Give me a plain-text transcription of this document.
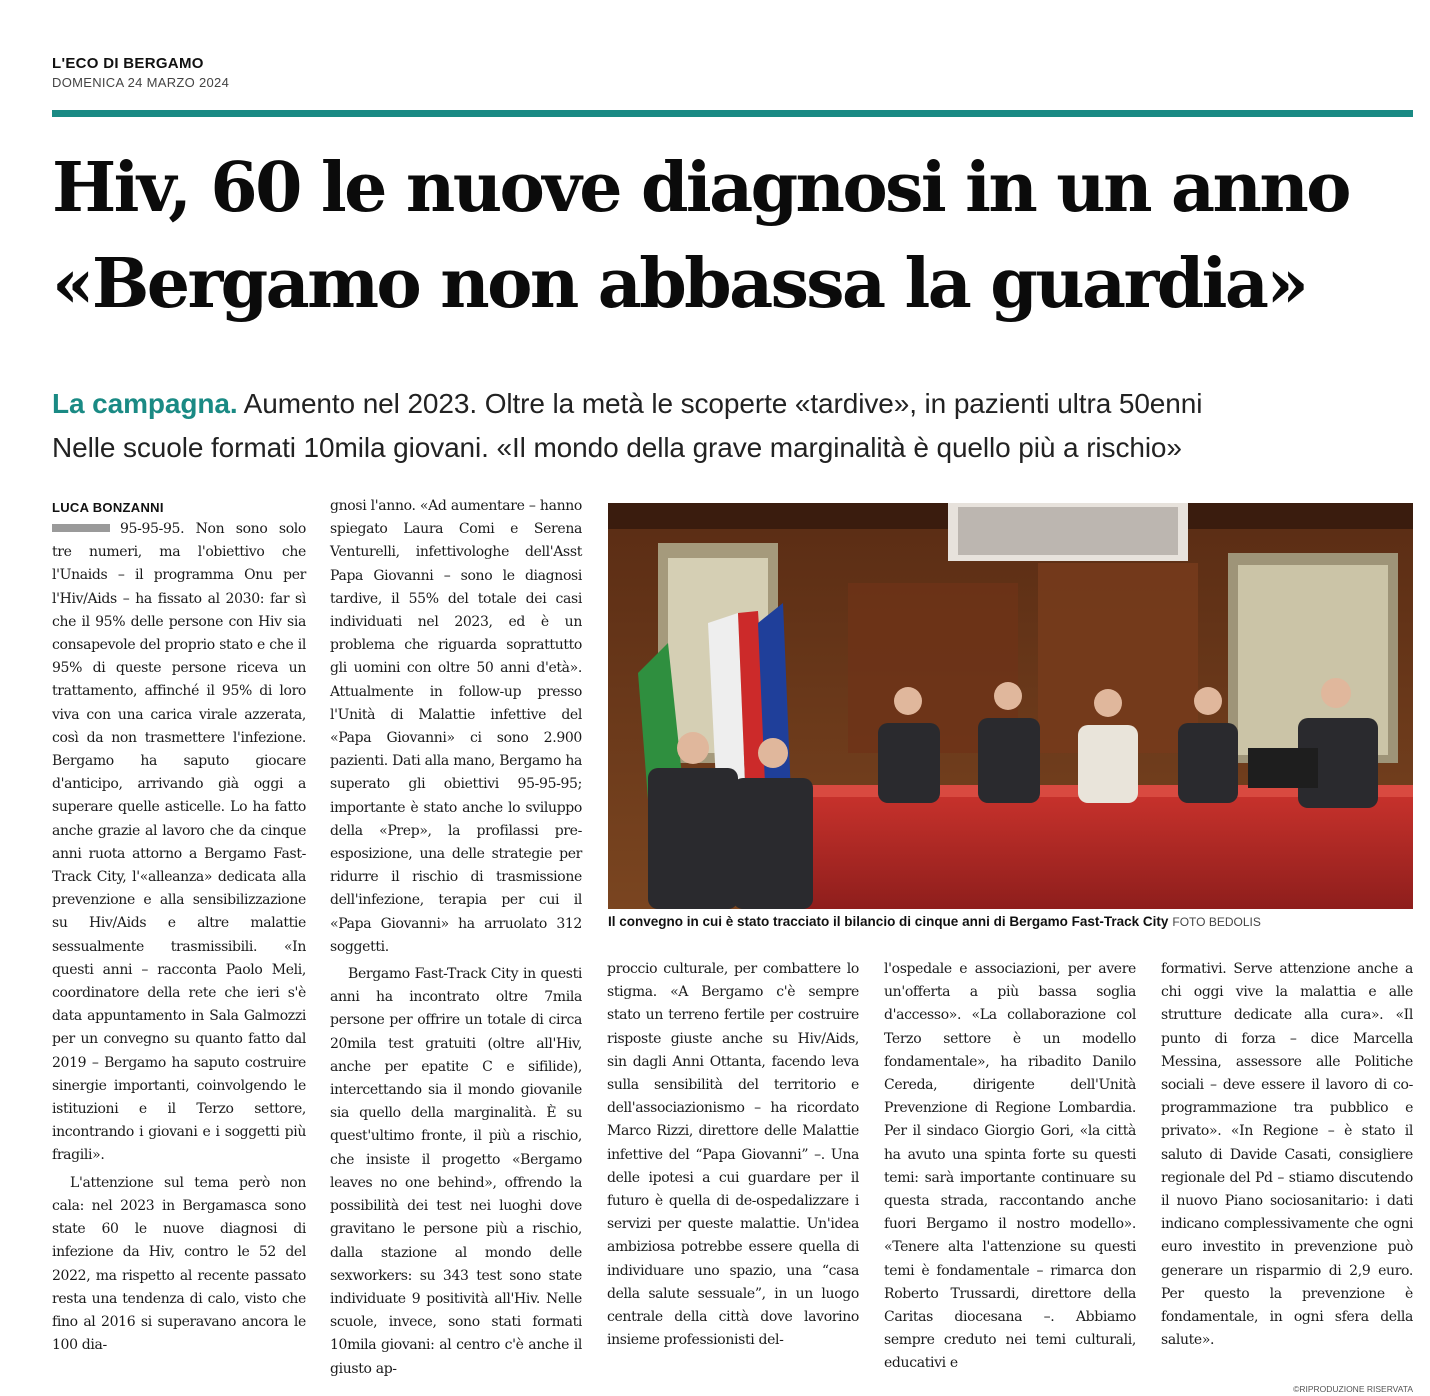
L'ECO DI BERGAMO
DOMENICA 24 MARZO 2024
Hiv, 60 le nuove diagnosi in un anno
«Bergamo non abbassa la guardia»
La campagna. Aumento nel 2023. Oltre la metà le scoperte «tardive», in pazienti ultra 50enni
Nelle scuole formati 10mila giovani. «Il mondo della grave marginalità è quello più a rischio»
LUCA BONZANNI

95-95-95. Non sono solo tre numeri, ma l'obiettivo che l'Unaids – il programma Onu per l'Hiv/Aids – ha fissato al 2030: far sì che il 95% delle persone con Hiv sia consapevole del proprio stato e che il 95% di queste persone riceva un trattamento, affinché il 95% di loro viva con una carica virale azzerata, così da non trasmettere l'infezione. Bergamo ha saputo giocare d'anticipo, arrivando già oggi a superare quelle asticelle. Lo ha fatto anche grazie al lavoro che da cinque anni ruota attorno a Bergamo Fast-Track City, l'«alleanza» dedicata alla prevenzione e alla sensibilizzazione su Hiv/Aids e altre malattie sessualmente trasmissibili. «In questi anni – racconta Paolo Meli, coordinatore della rete che ieri s'è data appuntamento in Sala Galmozzi per un convegno su quanto fatto dal 2019 – Bergamo ha saputo costruire sinergie importanti, coinvolgendo le istituzioni e il Terzo settore, incontrando i giovani e i soggetti più fragili».

L'attenzione sul tema però non cala: nel 2023 in Bergamasca sono state 60 le nuove diagnosi di infezione da Hiv, contro le 52 del 2022, ma rispetto al recente passato resta una tendenza di calo, visto che fino al 2016 si superavano ancora le 100 dia-

gnosi l'anno. «Ad aumentare – hanno spiegato Laura Comi e Serena Venturelli, infettivologhe dell'Asst Papa Giovanni – sono le diagnosi tardive, il 55% del totale dei casi individuati nel 2023, ed è un problema che riguarda soprattutto gli uomini con oltre 50 anni d'età». Attualmente in follow-up presso l'Unità di Malattie infettive del «Papa Giovanni» ci sono 2.900 pazienti. Dati alla mano, Bergamo ha superato gli obiettivi 95-95-95; importante è stato anche lo sviluppo della «Prep», la profilassi pre-esposizione, una delle strategie per ridurre il rischio di trasmissione dell'infezione, terapia per cui il «Papa Giovanni» ha arruolato 312 soggetti.

Bergamo Fast-Track City in questi anni ha incontrato oltre 7mila persone per offrire un totale di circa 20mila test gratuiti (oltre all'Hiv, anche per epatite C e sifilide), intercettando sia il mondo giovanile sia quello della marginalità. È su quest'ultimo fronte, il più a rischio, che insiste il progetto «Bergamo leaves no one behind», offrendo la possibilità dei test nei luoghi dove gravitano le persone più a rischio, dalla stazione al mondo delle sexworkers: su 343 test sono state individuate 9 positività all'Hiv. Nelle scuole, invece, sono stati formati 10mila giovani: al centro c'è anche il giusto ap-

Il convegno in cui è stato tracciato il bilancio di cinque anni di Bergamo Fast-Track City FOTO BEDOLIS

proccio culturale, per combattere lo stigma. «A Bergamo c'è sempre stato un terreno fertile per costruire risposte giuste anche su Hiv/Aids, sin dagli Anni Ottanta, facendo leva sulla sensibilità del territorio e dell'associazionismo – ha ricordato Marco Rizzi, direttore delle Malattie infettive del “Papa Giovanni” –. Una delle ipotesi a cui guardare per il futuro è quella di de-ospedalizzare i servizi per queste malattie. Un'idea ambiziosa potrebbe essere quella di individuare uno spazio, una “casa della salute sessuale”, in un luogo centrale della città dove lavorino insieme professionisti del-

l'ospedale e associazioni, per avere un'offerta a più bassa soglia d'accesso». «La collaborazione col Terzo settore è un modello fondamentale», ha ribadito Danilo Cereda, dirigente dell'Unità Prevenzione di Regione Lombardia. Per il sindaco Giorgio Gori, «la città ha avuto una spinta forte su questi temi: sarà importante continuare su questa strada, raccontando anche fuori Bergamo il nostro modello». «Tenere alta l'attenzione su questi temi è fondamentale – rimarca don Roberto Trussardi, direttore della Caritas diocesana –. Abbiamo sempre creduto nei temi culturali, educativi e

formativi. Serve attenzione anche a chi oggi vive la malattia e alle strutture dedicate alla cura». «Il punto di forza – dice Marcella Messina, assessore alle Politiche sociali – deve essere il lavoro di co-programmazione tra pubblico e privato». «In Regione – è stato il saluto di Davide Casati, consigliere regionale del Pd – stiamo discutendo il nuovo Piano sociosanitario: i dati indicano complessivamente che ogni euro investito in prevenzione può generare un risparmio di 2,9 euro. Per questo la prevenzione è fondamentale, in ogni sfera della salute».

©RIPRODUZIONE RISERVATA
